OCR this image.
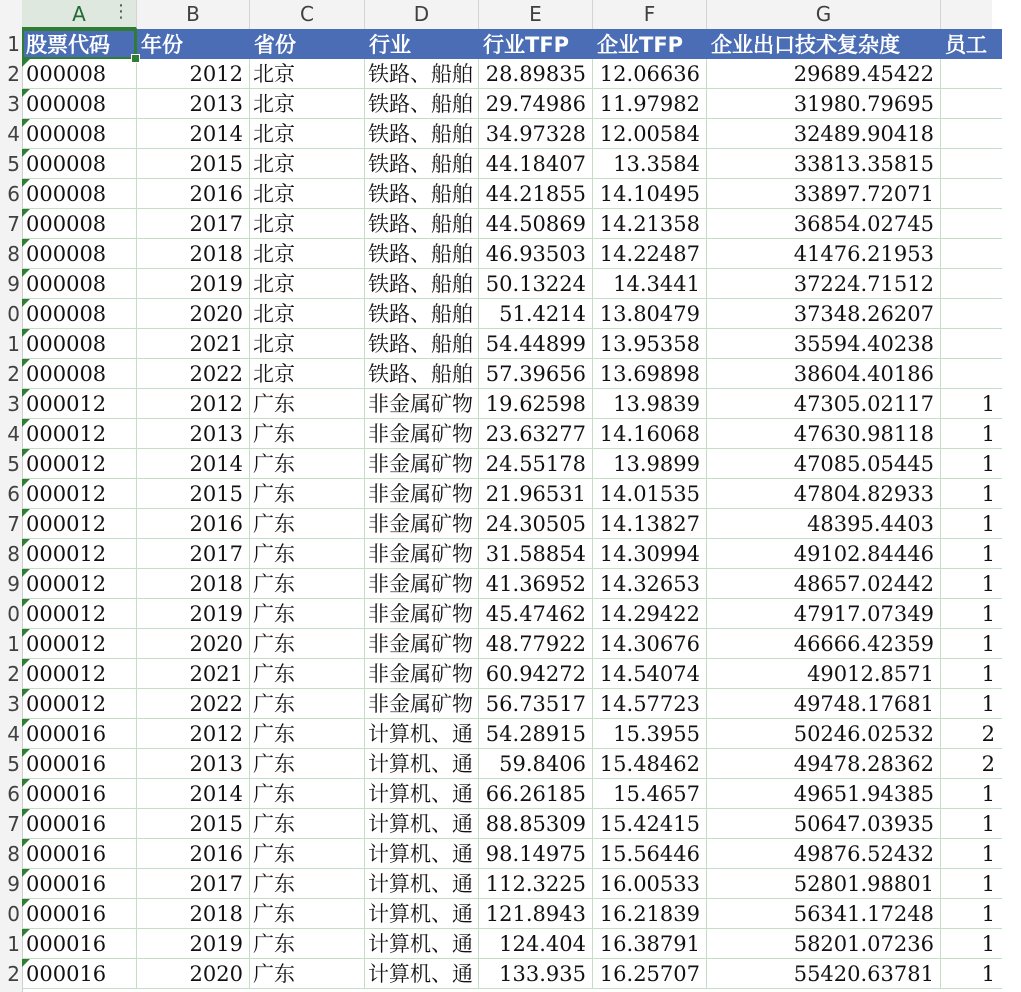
A	B	C	D	E	F	G
⋮
1
2
3
4
5
6
7
8
9
0
1
2
3
4
5
6
7
8
9
0
1
2
3
4
5
6
7
8
9
0
1
2
股票代码	年份	省份	行业	行业TFP	企业TFP	企业出口技术复杂度	员工
000008	2012 北京	铁路、船舶 28.89835 12.06636	29689.45422
000008	2013 北京	铁路、船舶 29.74986 11.97982	31980.79695
000008	2014 北京	铁路、船舶 34.97328 12.00584	32489.90418
000008	2015 北京	铁路、船舶 44.18407	13.3584	33813.35815
000008	2016 北京	铁路、船舶 44.21855 14.10495	33897.72071
000008	2017 北京	铁路、船舶 44.50869 14.21358	36854.02745
000008	2018 北京	铁路、船舶 46.93503 14.22487	41476.21953
000008	2019 北京	铁路、船舶 50.13224	14.3441	37224.71512
000008	2020 北京	铁路、船舶	51.4214 13.80479	37348.26207
000008	2021 北京	铁路、船舶 54.44899 13.95358	35594.40238
000008	2022 北京	铁路、船舶 57.39656 13.69898	38604.40186
000012	2012 广东	非金属矿物 19.62598	13.9839	47305.02117	1
000012	2013 广东	非金属矿物 23.63277 14.16068	47630.98118	1
000012	2014 广东	非金属矿物 24.55178	13.9899	47085.05445	1
000012	2015 广东	非金属矿物 21.96531 14.01535	47804.82933	1
000012	2016 广东	非金属矿物 24.30505 14.13827	48395.4403	1
000012	2017 广东	非金属矿物 31.58854 14.30994	49102.84446	1
000012	2018 广东	非金属矿物 41.36952 14.32653	48657.02442	1
000012	2019 广东	非金属矿物 45.47462 14.29422	47917.07349	1
000012	2020 广东	非金属矿物 48.77922 14.30676	46666.42359	1
000012	2021 广东	非金属矿物 60.94272 14.54074	49012.8571	1
000012	2022 广东	非金属矿物 56.73517 14.57723	49748.17681	1
000016	2012 广东	计算机、通 54.28915	15.3955	50246.02532	2
000016	2013 广东	计算机、通	59.8406 15.48462	49478.28362	2
000016	2014 广东	计算机、通 66.26185	15.4657	49651.94385	1
000016	2015 广东	计算机、通 88.85309 15.42415	50647.03935	1
000016	2016 广东	计算机、通 98.14975 15.56446	49876.52432	1
000016	2017 广东	计算机、通 112.3225 16.00533	52801.98801	1
000016	2018 广东	计算机、通 121.8943 16.21839	56341.17248	1
000016	2019 广东	计算机、通	124.404 16.38791	58201.07236	1
000016	2020 广东	计算机、通	133.935 16.25707	55420.63781	1
